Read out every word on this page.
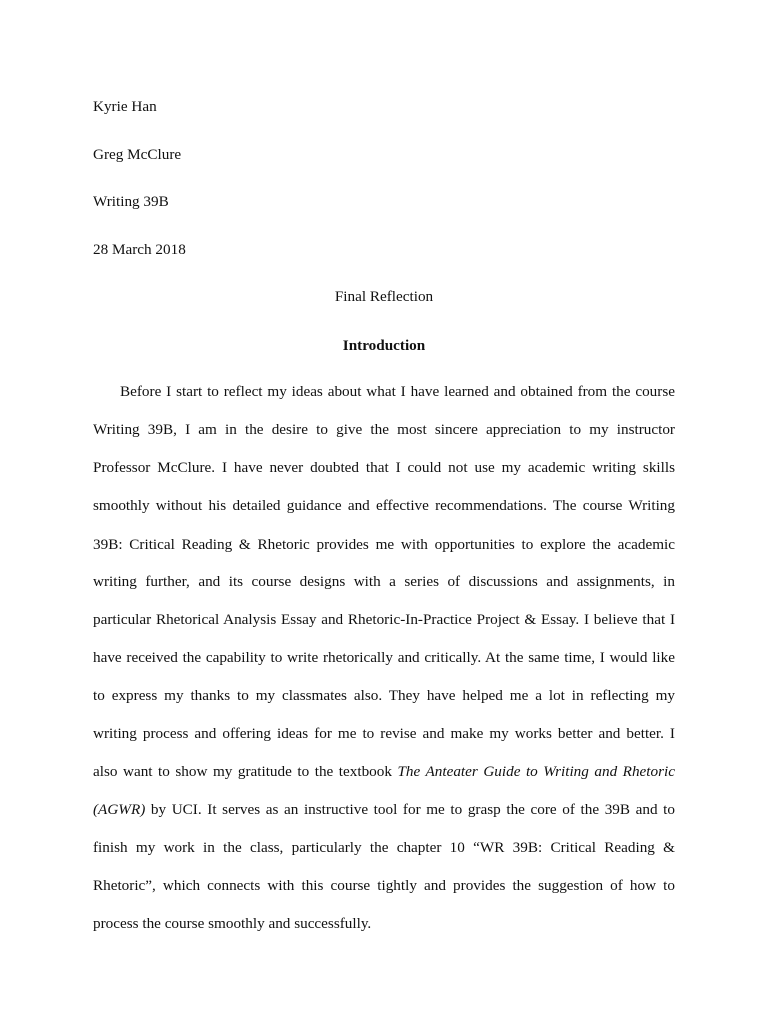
Kyrie Han
Greg McClure
Writing 39B
28 March 2018
Final Reflection
Introduction
Before I start to reflect my ideas about what I have learned and obtained from the course
Writing 39B, I am in the desire to give the most sincere appreciation to my instructor
Professor McClure. I have never doubted that I could not use my academic writing skills
smoothly without his detailed guidance and effective recommendations. The course Writing
39B: Critical Reading & Rhetoric provides me with opportunities to explore the academic
writing further, and its course designs with a series of discussions and assignments, in
particular Rhetorical Analysis Essay and Rhetoric-In-Practice Project & Essay. I believe that I
have received the capability to write rhetorically and critically. At the same time, I would like
to express my thanks to my classmates also. They have helped me a lot in reflecting my
writing process and offering ideas for me to revise and make my works better and better. I
also want to show my gratitude to the textbook The Anteater Guide to Writing and Rhetoric
(AGWR) by UCI. It serves as an instructive tool for me to grasp the core of the 39B and to
finish my work in the class, particularly the chapter 10 “WR 39B: Critical Reading &
Rhetoric”, which connects with this course tightly and provides the suggestion of how to
process the course smoothly and successfully.
